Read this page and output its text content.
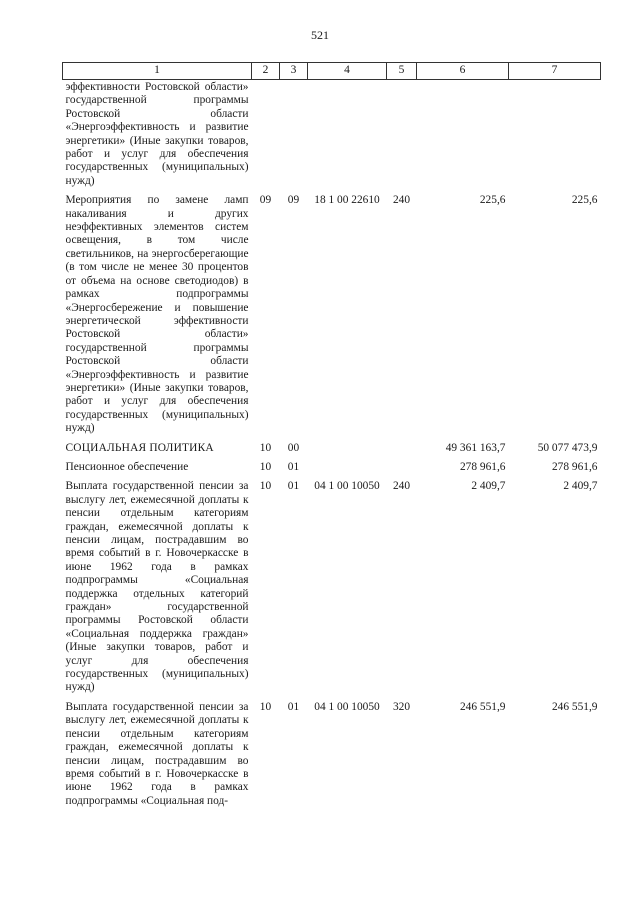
521
1	2	3	4	5	6	7
эффективности Ростовской области» государственной программы Ростовской области «Энергоэффективность и развитие энергетики» (Иные закупки товаров, работ и услуг для обеспечения государственных (муниципальных) нужд)						
Мероприятия по замене ламп накаливания и других неэффективных элементов систем освещения, в том числе светильников, на энергосберегающие (в том числе не менее 30 процентов от объема на основе светодиодов) в рамках подпрограммы «Энергосбережение и повышение энергетической эффективности Ростовской области» государственной программы Ростовской области «Энергоэффективность и развитие энергетики» (Иные закупки товаров, работ и услуг для обеспечения государственных (муниципальных) нужд)	09	09	18 1 00 22610	240	225,6	225,6
СОЦИАЛЬНАЯ ПОЛИТИКА	10	00			49 361 163,7	50 077 473,9
Пенсионное обеспечение	10	01			278 961,6	278 961,6
Выплата государственной пенсии за выслугу лет, ежемесячной доплаты к пенсии отдельным категориям граждан, ежемесячной доплаты к пенсии лицам, пострадавшим во время событий в г. Новочеркасске в июне 1962 года в рамках подпрограммы «Социальная поддержка отдельных категорий граждан» государственной программы Ростовской области «Социальная поддержка граждан» (Иные закупки товаров, работ и услуг для обеспечения государственных (муниципальных) нужд)	10	01	04 1 00 10050	240	2 409,7	2 409,7
Выплата государственной пенсии за выслугу лет, ежемесячной доплаты к пенсии отдельным категориям граждан, ежемесячной доплаты к пенсии лицам, пострадавшим во время событий в г. Новочеркасске в июне 1962 года в рамках подпрограммы «Социальная под-	10	01	04 1 00 10050	320	246 551,9	246 551,9
